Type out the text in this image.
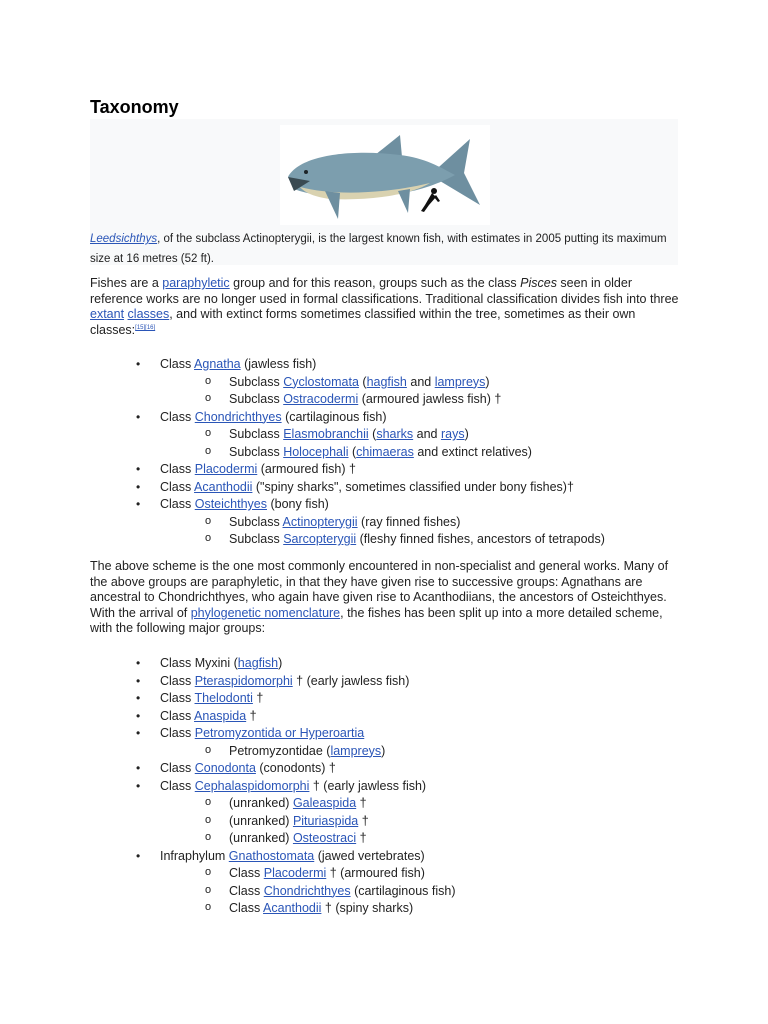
Taxonomy
Leedsichthys, of the subclass Actinopterygii, is the largest known fish, with estimates in 2005 putting its maximum size at 16 metres (52 ft).

Fishes are a paraphyletic group and for this reason, groups such as the class Pisces seen in older reference works are no longer used in formal classifications. Traditional classification divides fish into three extant classes, and with extinct forms sometimes classified within the tree, sometimes as their own classes:[15][16]

• Class Agnatha (jawless fish)
o Subclass Cyclostomata (hagfish and lampreys)
o Subclass Ostracodermi (armoured jawless fish) †
• Class Chondrichthyes (cartilaginous fish)
o Subclass Elasmobranchii (sharks and rays)
o Subclass Holocephali (chimaeras and extinct relatives)
• Class Placodermi (armoured fish) †
• Class Acanthodii ("spiny sharks", sometimes classified under bony fishes)†
• Class Osteichthyes (bony fish)
o Subclass Actinopterygii (ray finned fishes)
o Subclass Sarcopterygii (fleshy finned fishes, ancestors of tetrapods)

The above scheme is the one most commonly encountered in non-specialist and general works. Many of the above groups are paraphyletic, in that they have given rise to successive groups: Agnathans are ancestral to Chondrichthyes, who again have given rise to Acanthodiians, the ancestors of Osteichthyes. With the arrival of phylogenetic nomenclature, the fishes has been split up into a more detailed scheme, with the following major groups:

• Class Myxini (hagfish)
• Class Pteraspidomorphi † (early jawless fish)
• Class Thelodonti †
• Class Anaspida †
• Class Petromyzontida or Hyperoartia
o Petromyzontidae (lampreys)
• Class Conodonta (conodonts) †
• Class Cephalaspidomorphi † (early jawless fish)
o (unranked) Galeaspida †
o (unranked) Pituriaspida †
o (unranked) Osteostraci †
• Infraphylum Gnathostomata (jawed vertebrates)
o Class Placodermi † (armoured fish)
o Class Chondrichthyes (cartilaginous fish)
o Class Acanthodii † (spiny sharks)
